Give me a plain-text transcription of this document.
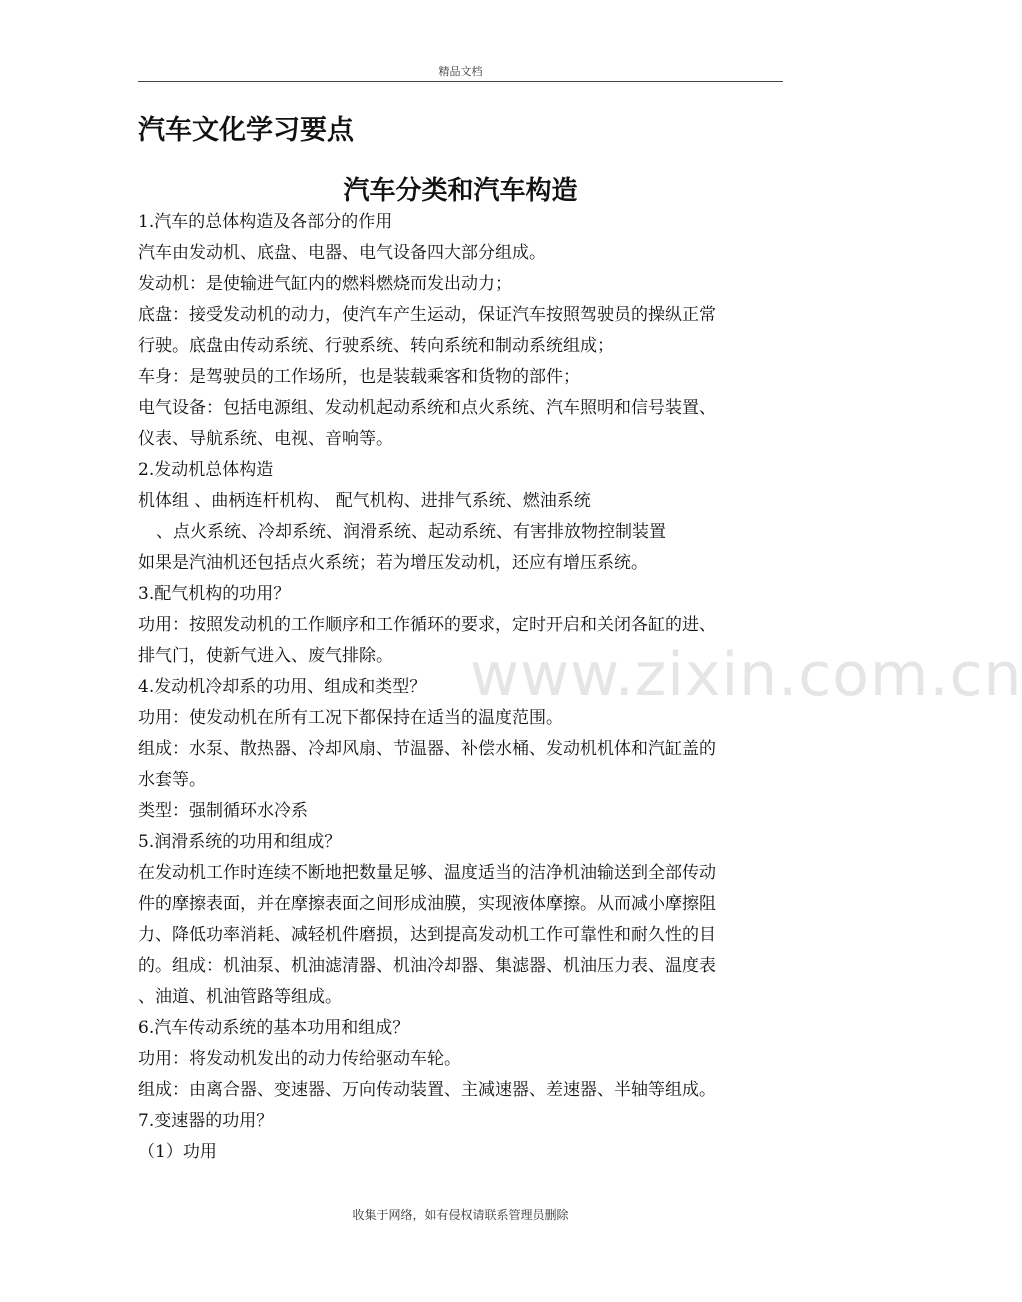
精品文档
汽车文化学习要点
汽车分类和汽车构造
www.zixin.com.cn

1.汽车的总体构造及各部分的作用

汽车由发动机、底盘、电器、电气设备四大部分组成。

发动机：是使输进气缸内的燃料燃烧而发出动力；

底盘：接受发动机的动力，使汽车产生运动，保证汽车按照驾驶员的操纵正常

行驶。底盘由传动系统、行驶系统、转向系统和制动系统组成；

车身：是驾驶员的工作场所，也是装载乘客和货物的部件；

电气设备：包括电源组、发动机起动系统和点火系统、汽车照明和信号装置、

仪表、导航系统、电视、音响等。

2.发动机总体构造

机体组 、曲柄连杆机构、 配气机构、进排气系统、燃油系统

、点火系统、冷却系统、润滑系统、起动系统、有害排放物控制装置

如果是汽油机还包括点火系统；若为增压发动机，还应有增压系统。

3.配气机构的功用？

功用：按照发动机的工作顺序和工作循环的要求，定时开启和关闭各缸的进、

排气门，使新气进入、废气排除。

4.发动机冷却系的功用、组成和类型？

功用：使发动机在所有工况下都保持在适当的温度范围。

组成：水泵、散热器、冷却风扇、节温器、补偿水桶、发动机机体和汽缸盖的

水套等。

类型：强制循环水冷系

5.润滑系统的功用和组成？

在发动机工作时连续不断地把数量足够、温度适当的洁净机油输送到全部传动

件的摩擦表面，并在摩擦表面之间形成油膜，实现液体摩擦。从而减小摩擦阻

力、降低功率消耗、减轻机件磨损，达到提高发动机工作可靠性和耐久性的目

的。组成：机油泵、机油滤清器、机油冷却器、集滤器、机油压力表、温度表

、油道、机油管路等组成。

6.汽车传动系统的基本功用和组成？

功用：将发动机发出的动力传给驱动车轮。

组成：由离合器、变速器、万向传动装置、主减速器、差速器、半轴等组成。

7.变速器的功用？

（1）功用

收集于网络，如有侵权请联系管理员删除
